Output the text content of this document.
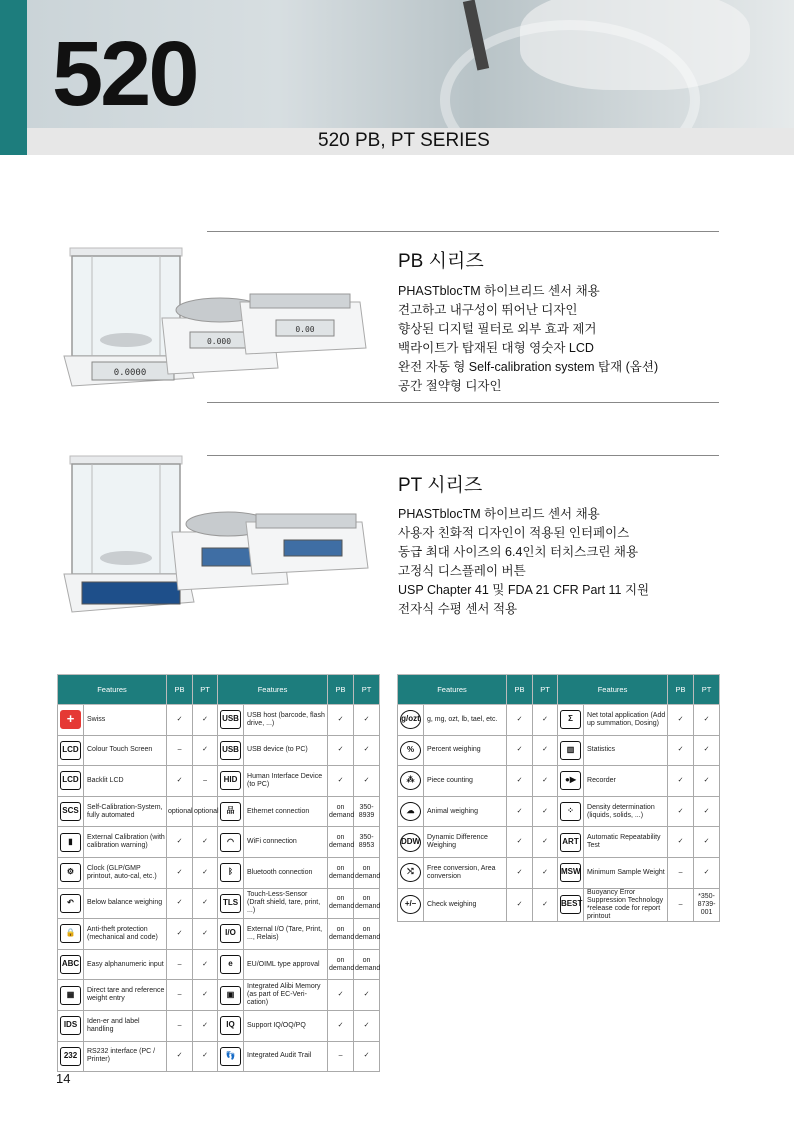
520
520 PB, PT SERIES
0.0000
0.000
0.00
PB 시리즈
PHASTblocTM 하이브리드 센서 채용
견고하고 내구성이 뛰어난 디자인
향상된 디지털 필터로 외부 효과 제거
백라이트가 탑재된 대형 영숫자 LCD
완전 자동 형 Self-calibration system 탑재 (옵션)
공간 절약형 디자인
PT 시리즈
PHASTblocTM 하이브리드 센서 채용
사용자 친화적 디자인이 적용된 인터페이스
동급 최대 사이즈의 6.4인치 터치스크린 채용
고정식 디스플레이 버튼
USP Chapter 41 및 FDA 21 CFR Part 11 지원
전자식 수평 센서 적용
Features		PB	PT	Features		PB	PT
+	Swiss	✓	✓	USB	USB host (barcode, flash drive, ...)	✓	✓
LCD	Colour Touch Screen	–	✓	USB	USB device (to PC)	✓	✓
LCD	Backlit LCD	✓	–	HID	Human Interface Device (to PC)	✓	✓
SCS	Self-Calibration-System, fully automated	optional	optional	品	Ethernet connection	on demand	350-8939
▮	External Calibration (with calibration warning)	✓	✓	◠	WiFi connection	on demand	350-8953
⚙	Clock (GLP/GMP printout, auto-cal, etc.)	✓	✓	ᛒ	Bluetooth connection	on demand	on demand
↶	Below balance weighing	✓	✓	TLS	Touch-Less-Sensor (Draft shield, tare, print, ...)	on demand	on demand
🔒	Anti-theft protection (mechanical and code)	✓	✓	I/O	External I/O (Tare, Print, ..., Relais)	on demand	on demand
ABC	Easy alphanumeric input	–	✓	e	EU/OIML type approval	on demand	on demand
▦	Direct tare and reference weight entry	–	✓	▣	Integrated Alibi Memory (as part of EC-Veri-cation)	✓	✓
IDS	Iden-er and label handling	–	✓	IQ	Support IQ/OQ/PQ	✓	✓
232	RS232 interface (PC / Printer)	✓	✓	👣	Integrated Audit Trail	–	✓
Features		PB	PT	Features		PB	PT
g/ozt	g, mg, ozt, lb, tael, etc.	✓	✓	Σ	Net total application (Add up summation, Dosing)	✓	✓
%	Percent weighing	✓	✓	▥	Statistics	✓	✓
⁂	Piece counting	✓	✓	●▶	Recorder	✓	✓
☁	Animal weighing	✓	✓	⁘	Density determination (liquids, solids, ...)	✓	✓
DDW	Dynamic Difference Weighing	✓	✓	ART	Automatic Repeatability Test	✓	✓
⤭	Free conversion, Area conversion	✓	✓	MSW	Minimum Sample Weight	–	✓
+/–	Check weighing	✓	✓	BEST	Buoyancy Error Suppression Technology *release code for report printout	–	*350-8739-001
14
